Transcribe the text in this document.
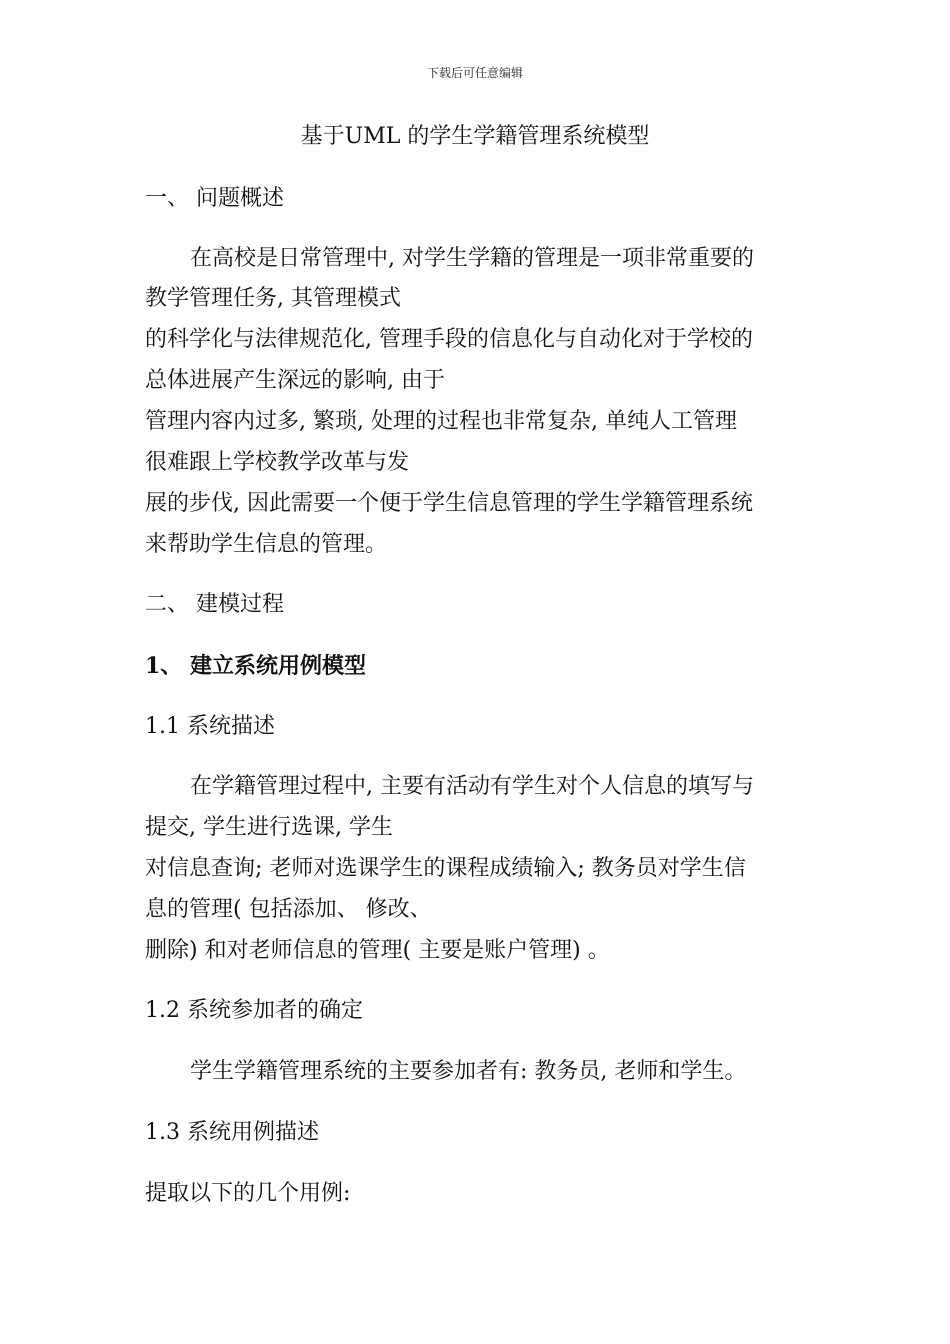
下载后可任意编辑

基于UML 的学生学籍管理系统模型

一、 问题概述

在高校是日常管理中, 对学生学籍的管理是一项非常重要的

教学管理任务, 其管理模式

的科学化与法律规范化, 管理手段的信息化与自动化对于学校的

总体进展产生深远的影响, 由于

管理内容内过多, 繁琐, 处理的过程也非常复杂, 单纯人工管理

很难跟上学校教学改革与发

展的步伐, 因此需要一个便于学生信息管理的学生学籍管理系统

来帮助学生信息的管理。

二、 建模过程

1、 建立系统用例模型

1.1 系统描述

在学籍管理过程中, 主要有活动有学生对个人信息的填写与

提交, 学生进行选课, 学生

对信息查询; 老师对选课学生的课程成绩输入; 教务员对学生信

息的管理( 包括添加、 修改、

删除) 和对老师信息的管理( 主要是账户管理) 。

1.2 系统参加者的确定

学生学籍管理系统的主要参加者有: 教务员, 老师和学生。

1.3 系统用例描述

提取以下的几个用例:
